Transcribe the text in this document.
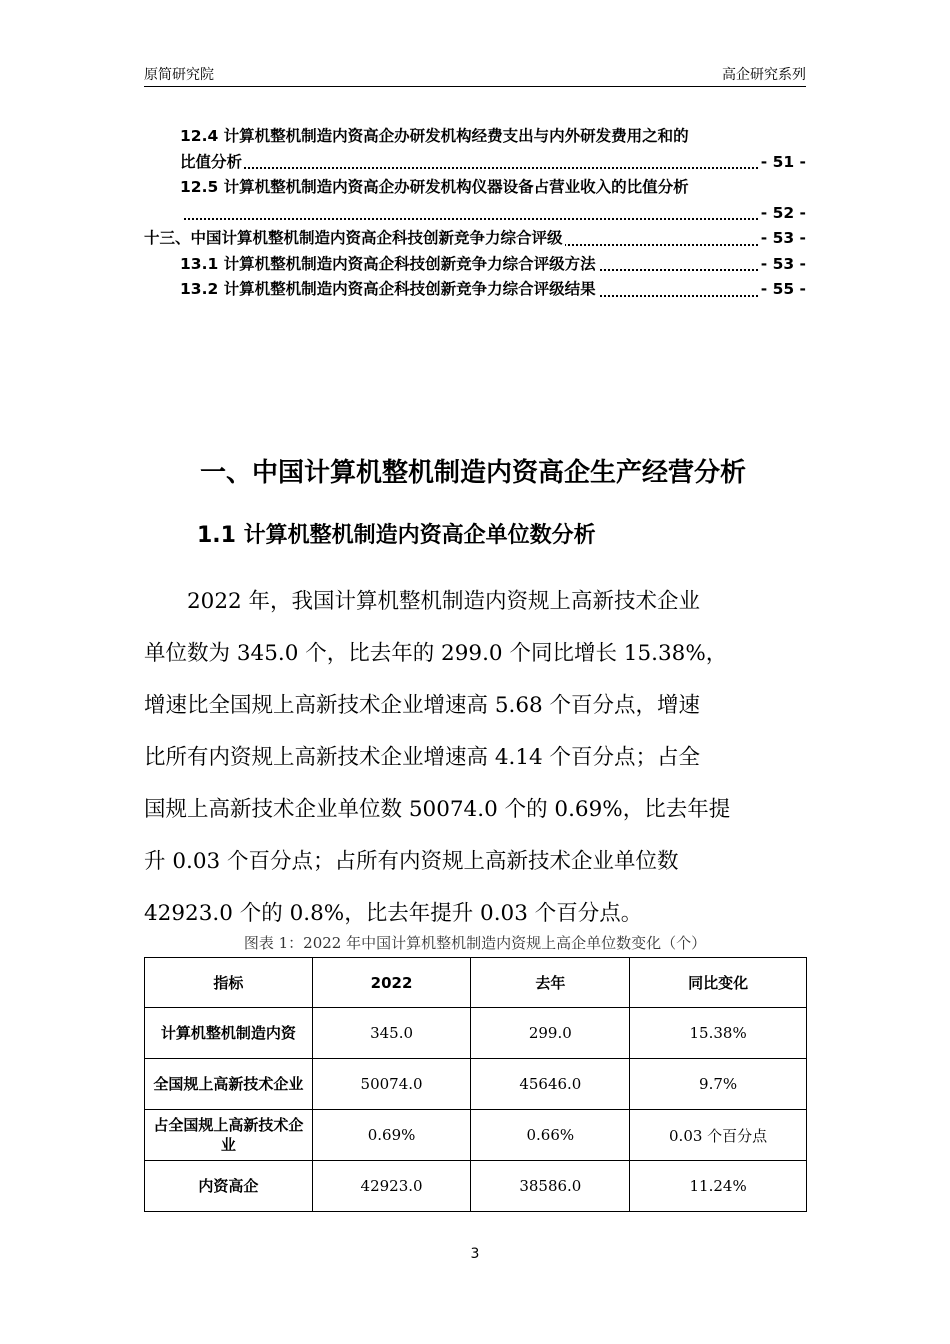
原简研究院	高企研究系列
12.4 计算机整机制造内资高企办研发机构经费支出与内外研发费用之和的
比值分析	- 51 -
12.5 计算机整机制造内资高企办研发机构仪器设备占营业收入的比值分析
- 52 -
十三、中国计算机整机制造内资高企科技创新竞争力综合评级	- 53 -
13.1 计算机整机制造内资高企科技创新竞争力综合评级方法	- 53 -
13.2 计算机整机制造内资高企科技创新竞争力综合评级结果	- 55 -
一、中国计算机整机制造内资高企生产经营分析
1.1 计算机整机制造内资高企单位数分析
　　2022 年，我国计算机整机制造内资规上高新技术企业
单位数为 345.0 个，比去年的 299.0 个同比增长 15.38%，
增速比全国规上高新技术企业增速高 5.68 个百分点，增速
比所有内资规上高新技术企业增速高 4.14 个百分点；占全
国规上高新技术企业单位数 50074.0 个的 0.69%，比去年提
升 0.03 个百分点；占所有内资规上高新技术企业单位数
42923.0 个的 0.8%，比去年提升 0.03 个百分点。
图表 1：2022 年中国计算机整机制造内资规上高企单位数变化（个）
指标	2022	去年	同比变化
计算机整机制造内资	345.0	299.0	15.38%
全国规上高新技术企业	50074.0	45646.0	9.7%
占全国规上高新技术企业	0.69%	0.66%	0.03 个百分点
内资高企	42923.0	38586.0	11.24%
3
